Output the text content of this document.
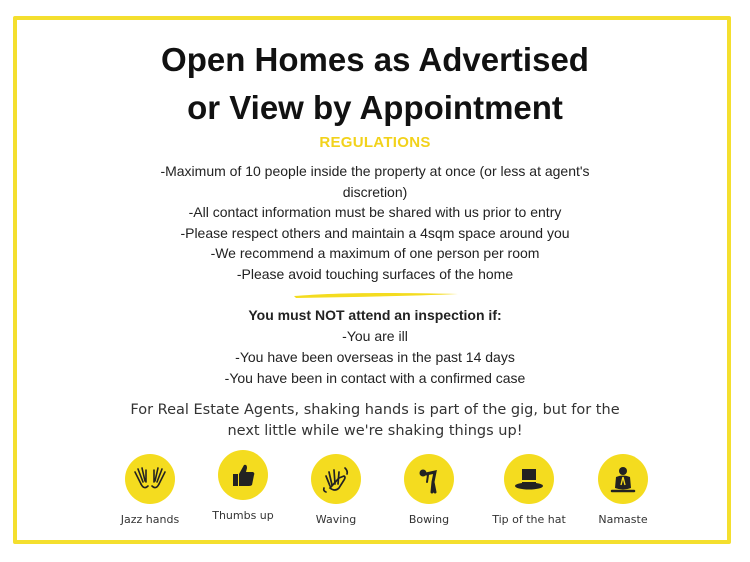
Open Homes as Advertised
or View by Appointment
REGULATIONS
-Maximum of 10 people inside the property at once (or less at agent's discretion)
-All contact information must be shared with us prior to entry
-Please respect others and maintain a 4sqm space around you
-We recommend a maximum of one person per room
-Please avoid touching surfaces of the home
You must NOT attend an inspection if:
-You are ill
-You have been overseas in the past 14 days
-You have been in contact with a confirmed case
For Real Estate Agents, shaking hands is part of the gig, but for the
next little while we're shaking things up!
Jazz hands	Thumbs up	Waving	Bowing	Tip of the hat	Namaste
